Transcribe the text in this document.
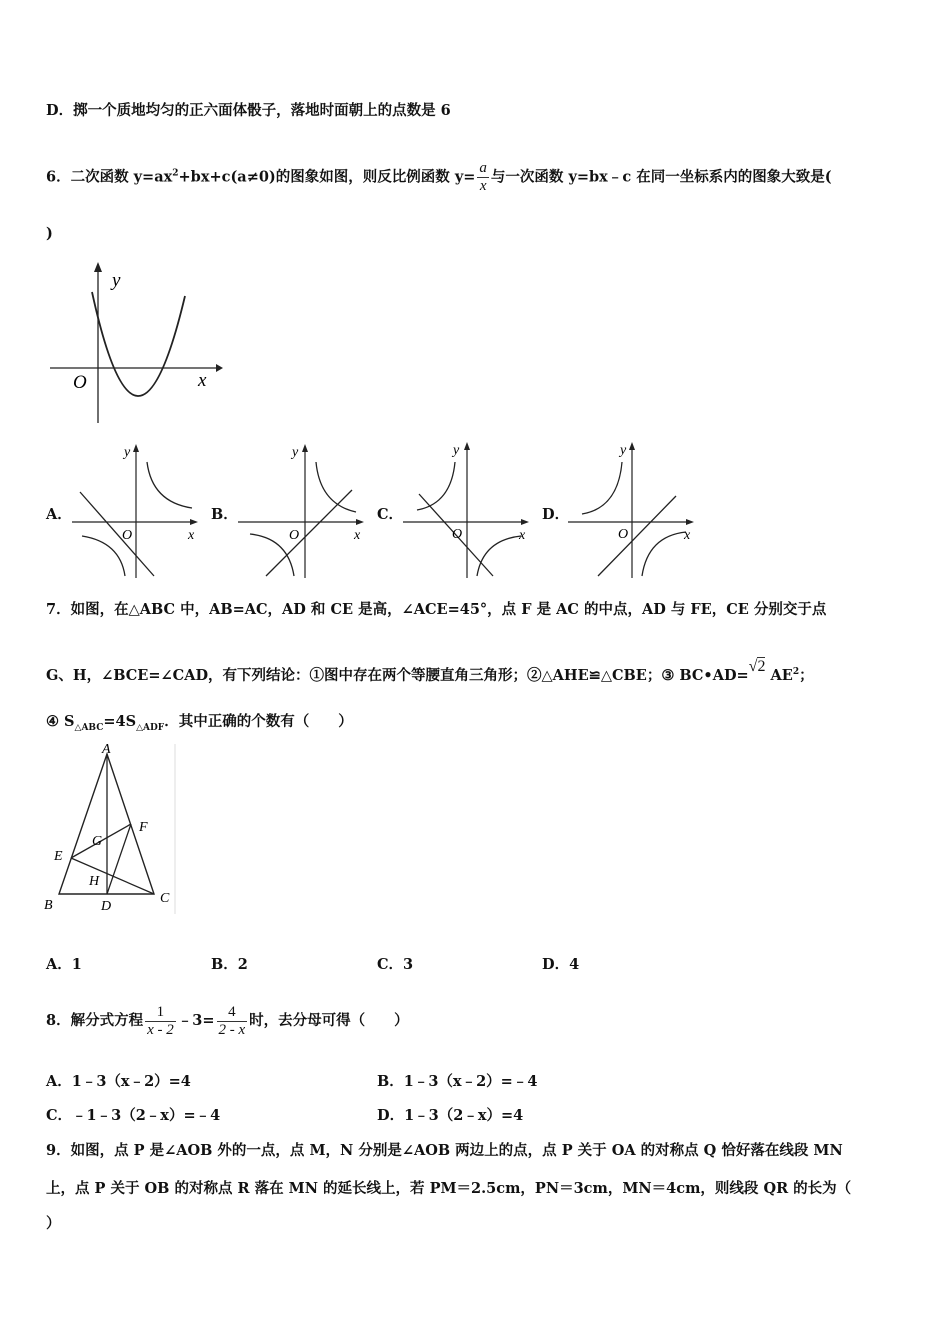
D．掷一个质地均匀的正六面体骰子，落地时面朝上的点数是 6
6．二次函数 $y=ax^2+bx+c(a\ne 0)$的图象如图，则反比例函数 $y= \frac{a}{x}$ 与一次函数 y=bx﹣c 在同一坐标系内的图象大致是(
)
y
x
O
A．
y
x
O
B．
y
x
O
C．
y
x
O
D．
y
x
O
7．如图，在△ABC 中，AB=AC，AD 和 CE 是高，∠ACE=45°，点 F 是 AC 的中点，AD 与 FE，CE 分别交于点
G、H，∠BCE=∠CAD，有下列结论：①图中存在两个等腰直角三角形；②△AHE≌△CBE；③ BC•AD=√2 $AE^2$；
④ $S_{\triangle ABC}=4S_{\triangle ADF}$．其中正确的个数有（　　）
A
B	C
D
E
F
G
H
A．1	B．2	C．3	D．4
8．解分式方程 $\frac{1}{x - 2}$ ﹣3= $\frac{4}{2 - x}$ 时，去分母可得（　　）
A．1﹣3（x﹣2）=4	B．1﹣3（x﹣2）=﹣4
C．﹣1﹣3（2﹣x）=﹣4	D．1﹣3（2﹣x）=4
9．如图，点 P 是∠AOB 外的一点，点 M，N 分别是∠AOB 两边上的点，点 P 关于 OA 的对称点 Q 恰好落在线段 MN
上，点 P 关于 OB 的对称点 R 落在 MN 的延长线上，若 PM＝2.5cm，PN＝3cm，MN＝4cm，则线段 QR 的长为（
）
